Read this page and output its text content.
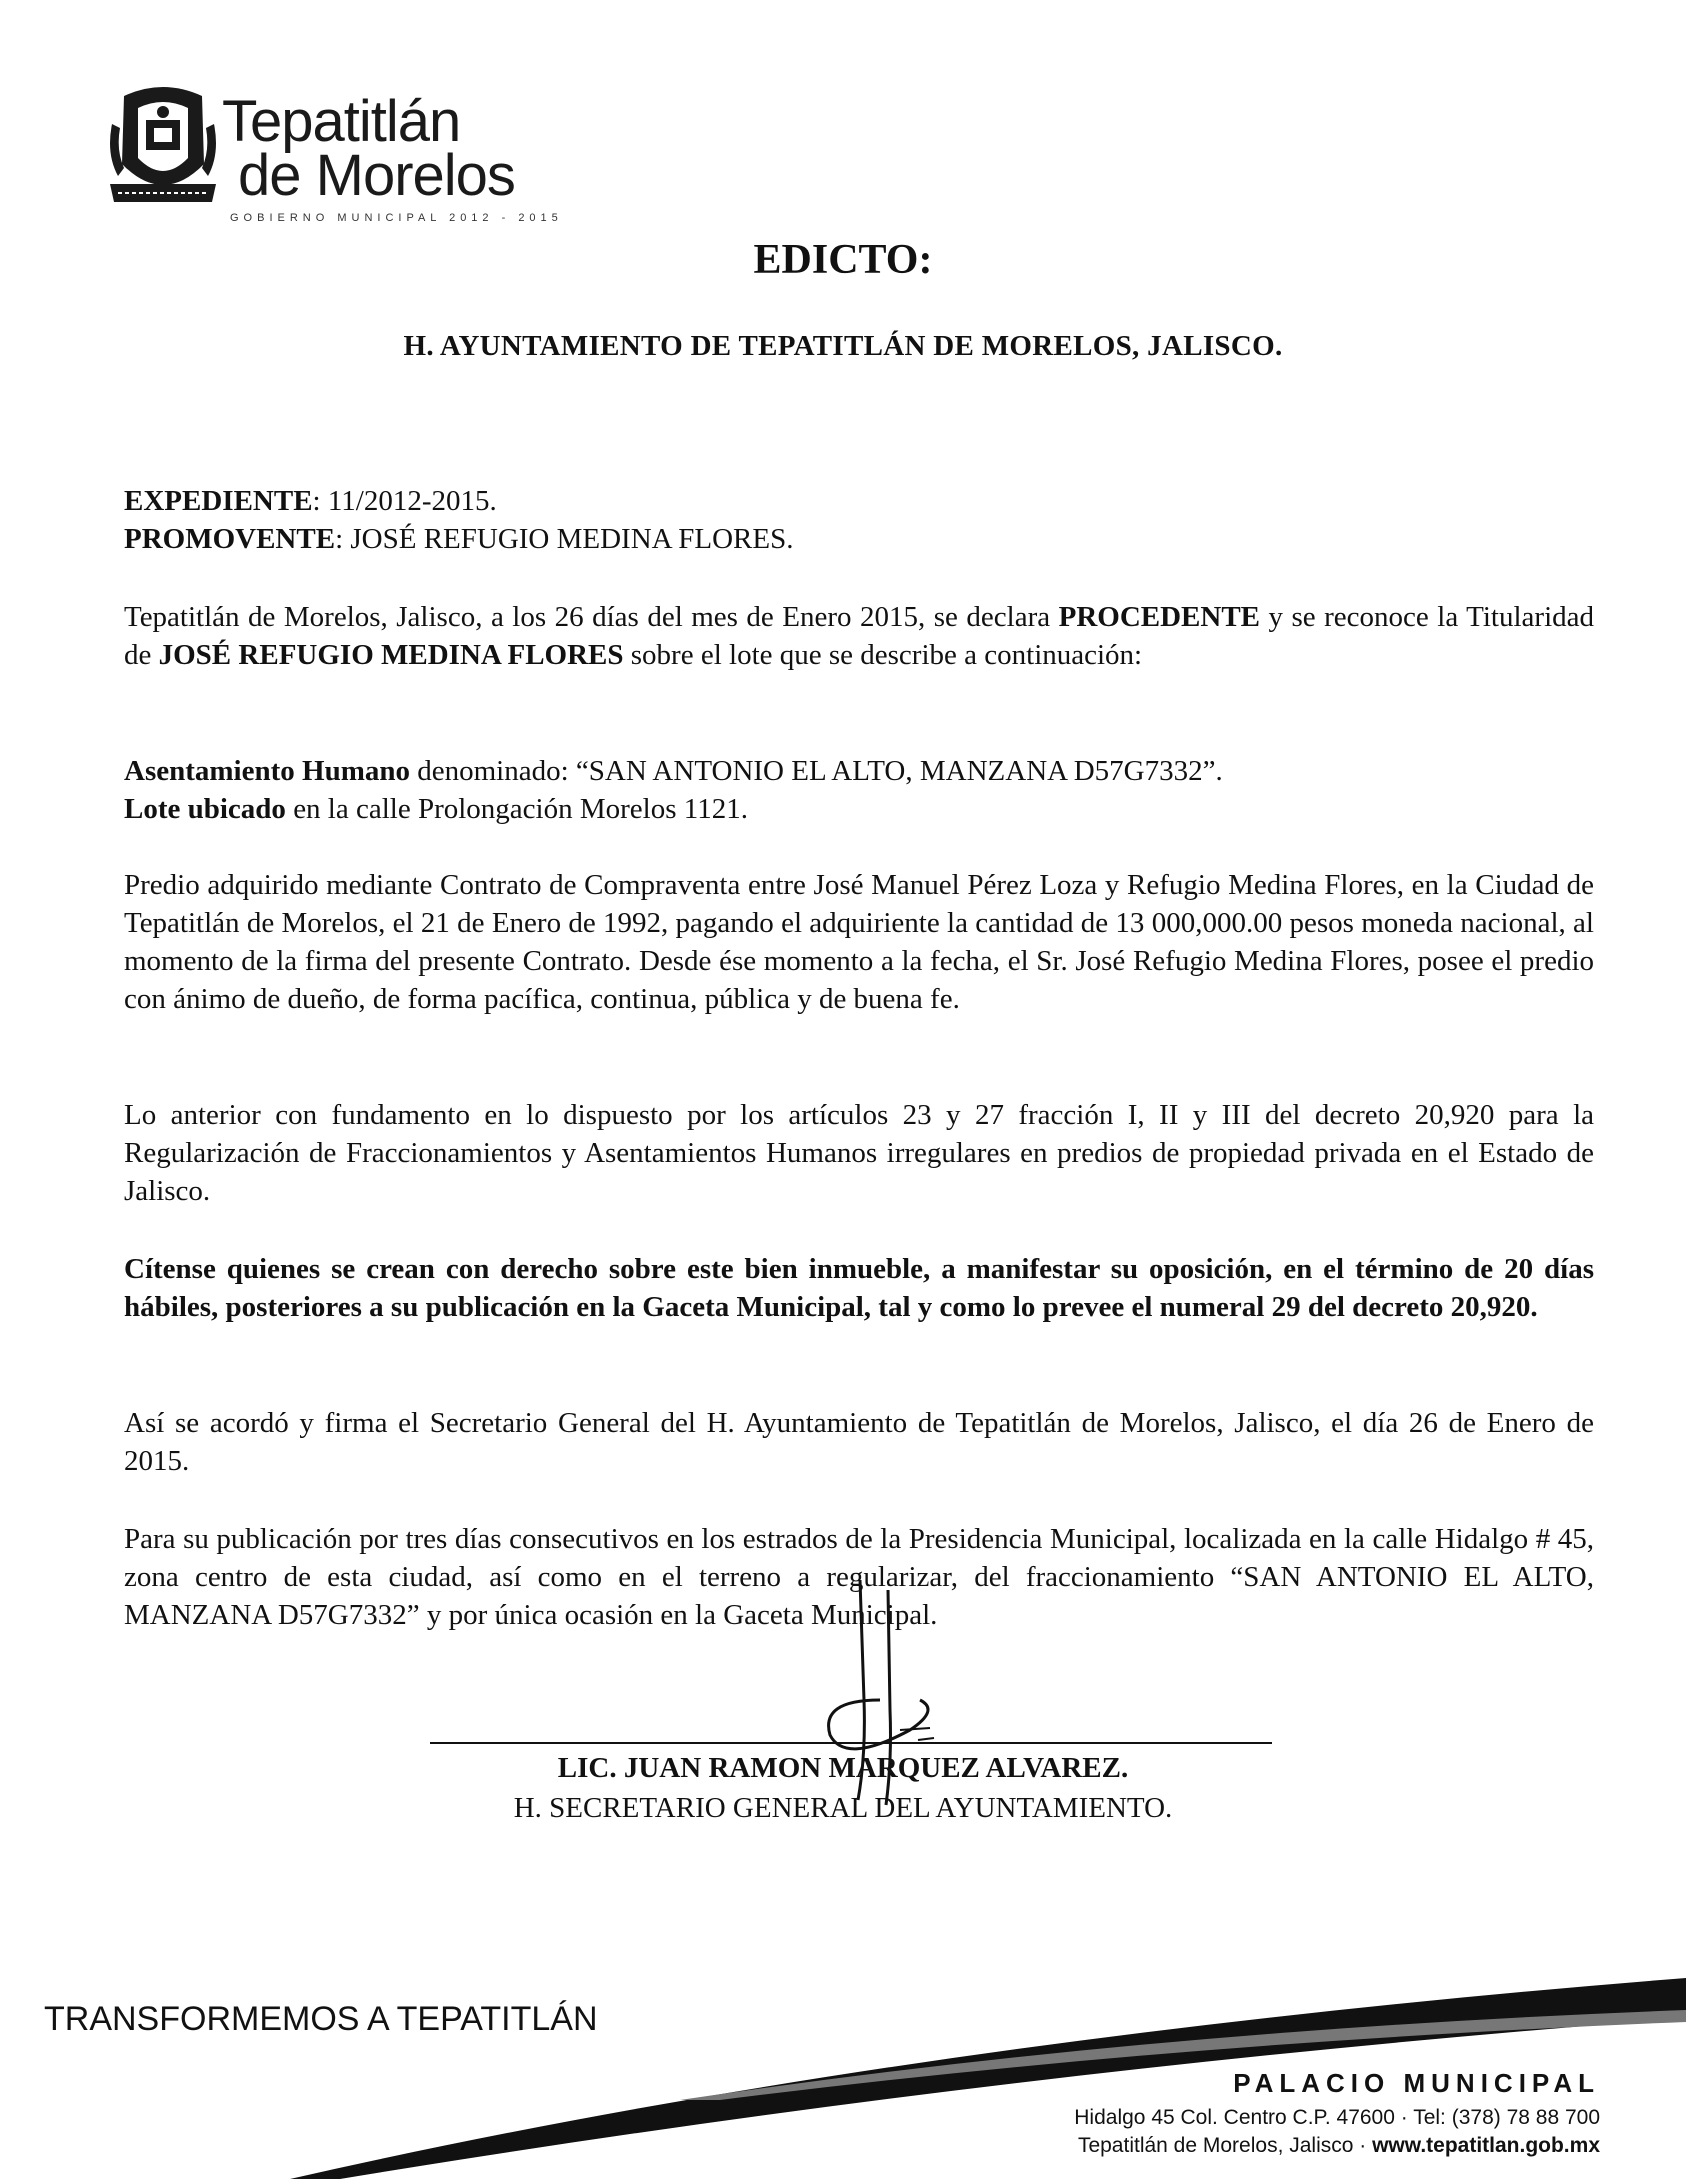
Tepatitlán
de Morelos
GOBIERNO MUNICIPAL 2012 - 2015
EDICTO:
H. AYUNTAMIENTO DE TEPATITLÁN DE MORELOS, JALISCO.
EXPEDIENTE: 11/2012-2015.
PROMOVENTE: JOSÉ REFUGIO MEDINA FLORES.
Tepatitlán de Morelos, Jalisco, a los 26 días del mes de Enero 2015, se declara PROCEDENTE y se reconoce la Titularidad de JOSÉ REFUGIO MEDINA FLORES sobre el lote que se describe a continuación:
Asentamiento Humano denominado: “SAN ANTONIO EL ALTO, MANZANA D57G7332”.
Lote ubicado en la calle Prolongación Morelos 1121.
Predio adquirido mediante Contrato de Compraventa entre José Manuel Pérez Loza y Refugio Medina Flores, en la Ciudad de Tepatitlán de Morelos, el 21 de Enero de 1992, pagando el adquiriente la cantidad de 13 000,000.00 pesos moneda nacional, al momento de la firma del presente Contrato. Desde ése momento a la fecha, el Sr. José Refugio Medina Flores, posee el predio con ánimo de dueño, de forma pacífica, continua, pública y de buena fe.
Lo anterior con fundamento en lo dispuesto por los artículos 23 y 27 fracción I, II y III del decreto 20,920 para la Regularización de Fraccionamientos y Asentamientos Humanos irregulares en predios de propiedad privada en el Estado de Jalisco.
Cítense quienes se crean con derecho sobre este bien inmueble, a manifestar su oposición, en el término de 20 días hábiles, posteriores a su publicación en la Gaceta Municipal, tal y como lo prevee el numeral 29 del decreto 20,920.
Así se acordó y firma el Secretario General del H. Ayuntamiento de Tepatitlán de Morelos, Jalisco, el día 26 de Enero de 2015.
Para su publicación por tres días consecutivos en los estrados de la Presidencia Municipal, localizada en la calle Hidalgo # 45, zona centro de esta ciudad, así como en el terreno a regularizar, del fraccionamiento “SAN ANTONIO EL ALTO, MANZANA D57G7332” y por única ocasión en la Gaceta Municipal.
LIC. JUAN RAMON MARQUEZ ALVAREZ.
H. SECRETARIO GENERAL DEL AYUNTAMIENTO.
TRANSFORMEMOS A TEPATITLÁN
PALACIO MUNICIPAL
Hidalgo 45 Col. Centro C.P. 47600 · Tel: (378) 78 88 700
Tepatitlán de Morelos, Jalisco · www.tepatitlan.gob.mx
